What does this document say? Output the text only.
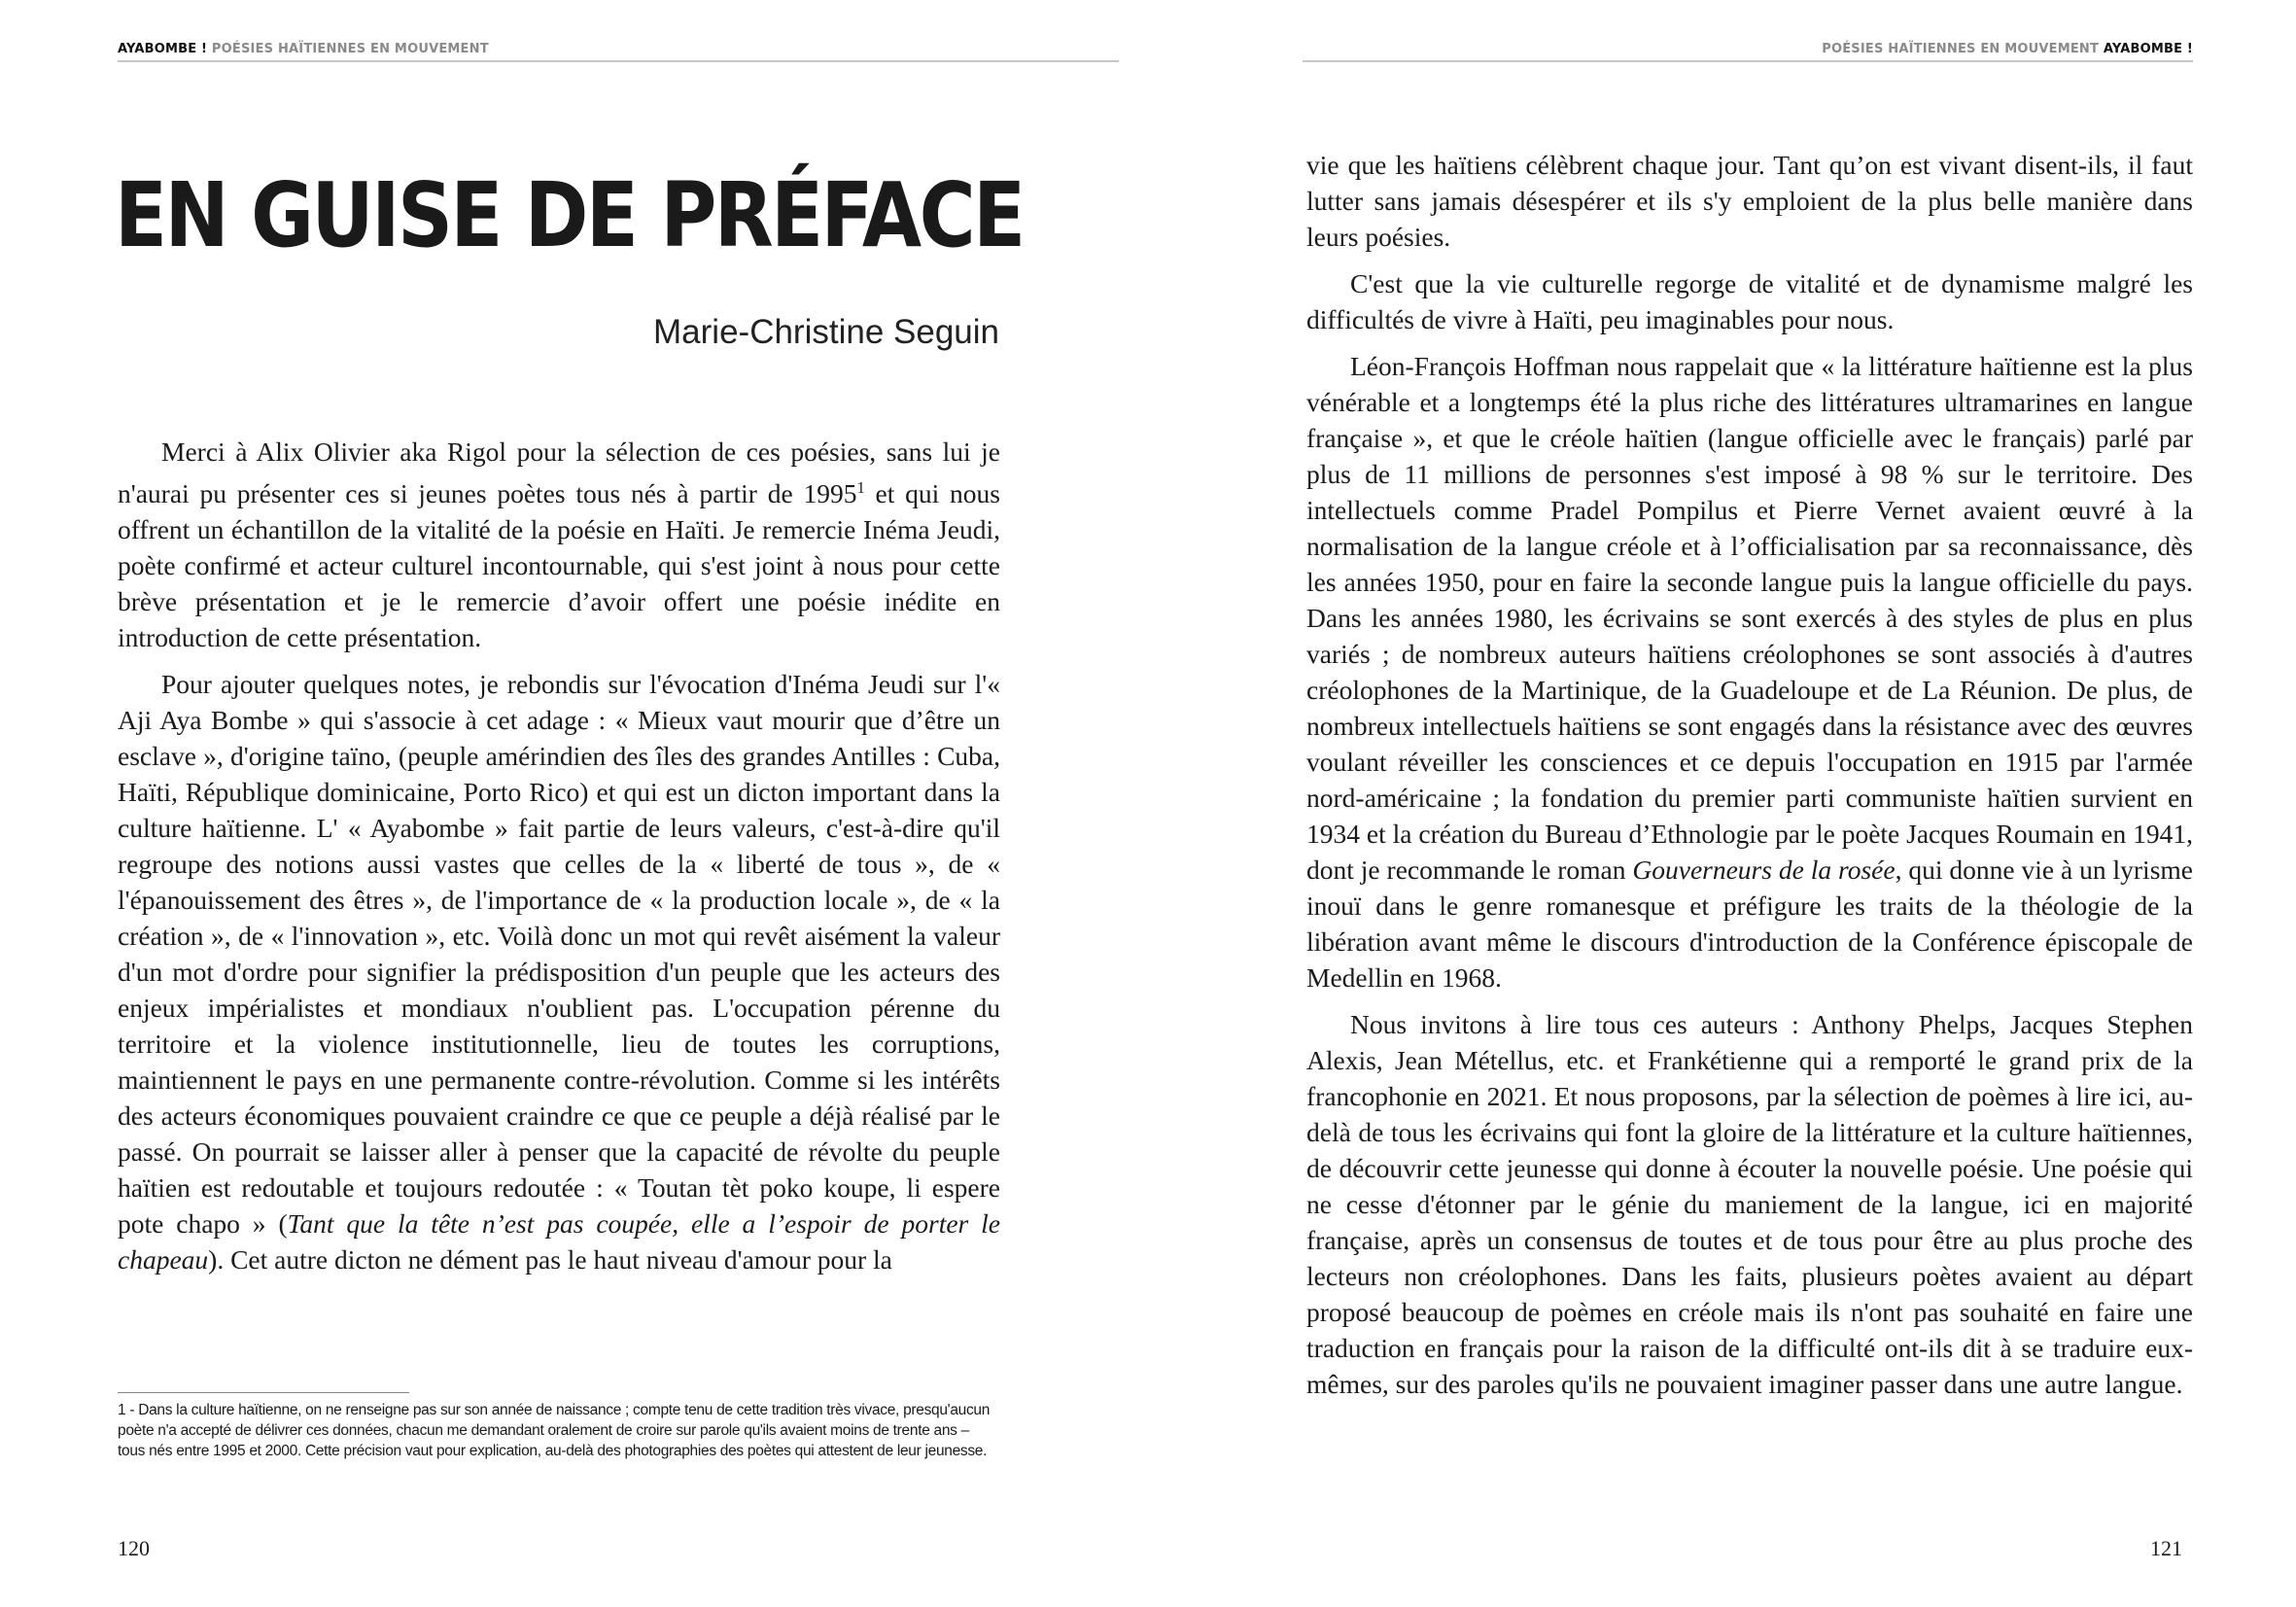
AYABOMBE ! POÉSIES HAÏTIENNES EN MOUVEMENT	POÉSIES HAÏTIENNES EN MOUVEMENT AYABOMBE !
EN GUISE DE PRÉFACE
Marie-Christine Seguin

Merci à Alix Olivier aka Rigol pour la sélection de ces poésies, sans lui je n'aurai pu présenter ces si jeunes poètes tous nés à partir de 1995$^1$ et qui nous offrent un échantillon de la vitalité de la poésie en Haïti. Je remercie Inéma Jeudi, poète confirmé et acteur culturel incontournable, qui s'est joint à nous pour cette brève présentation et je le remercie d’avoir offert une poésie inédite en introduction de cette présentation.

Pour ajouter quelques notes, je rebondis sur l'évocation d'Inéma Jeudi sur l'« Aji Aya Bombe » qui s'associe à cet adage : « Mieux vaut mourir que d’être un esclave », d'origine taïno, (peuple amérindien des îles des grandes Antilles : Cuba, Haïti, République dominicaine, Porto Rico) et qui est un dicton important dans la culture haïtienne. L' « Ayabombe » fait partie de leurs valeurs, c'est-à-dire qu'il regroupe des notions aussi vastes que celles de la « liberté de tous », de « l'épanouissement des êtres », de l'importance de « la production locale », de « la création », de « l'innovation », etc. Voilà donc un mot qui revêt aisément la valeur d'un mot d'ordre pour signifier la prédisposition d'un peuple que les acteurs des enjeux impérialistes et mondiaux n'oublient pas. L'occupation pérenne du territoire et la violence institutionnelle, lieu de toutes les corruptions, maintiennent le pays en une permanente contre-révolution. Comme si les intérêts des acteurs économiques pouvaient craindre ce que ce peuple a déjà réalisé par le passé. On pourrait se laisser aller à penser que la capacité de révolte du peuple haïtien est redoutable et toujours redoutée : « Toutan tèt poko koupe, li espere pote chapo » (Tant que la tête n’est pas coupée, elle a l’espoir de porter le chapeau). Cet autre dicton ne dément pas le haut niveau d'amour pour la

1 - Dans la culture haïtienne, on ne renseigne pas sur son année de naissance ; compte tenu de cette tradition très vivace, presqu'aucun poète n'a accepté de délivrer ces données, chacun me demandant oralement de croire sur parole qu'ils avaient moins de trente ans – tous nés entre 1995 et 2000. Cette précision vaut pour explication, au-delà des photographies des poètes qui attestent de leur jeunesse.
120

vie que les haïtiens célèbrent chaque jour. Tant qu’on est vivant disent-ils, il faut lutter sans jamais désespérer et ils s'y emploient de la plus belle manière dans leurs poésies.

C'est que la vie culturelle regorge de vitalité et de dynamisme malgré les difficultés de vivre à Haïti, peu imaginables pour nous.

Léon-François Hoffman nous rappelait que « la littérature haïtienne est la plus vénérable et a longtemps été la plus riche des littératures ultramarines en langue française », et que le créole haïtien (langue officielle avec le français) parlé par plus de 11 millions de personnes s'est imposé à 98 % sur le territoire. Des intellectuels comme Pradel Pompilus et Pierre Vernet avaient œuvré à la normalisation de la langue créole et à l’officialisation par sa reconnaissance, dès les années 1950, pour en faire la seconde langue puis la langue officielle du pays. Dans les années 1980, les écrivains se sont exercés à des styles de plus en plus variés ; de nombreux auteurs haïtiens créolophones se sont associés à d'autres créolophones de la Martinique, de la Guadeloupe et de La Réunion. De plus, de nombreux intellectuels haïtiens se sont engagés dans la résistance avec des œuvres voulant réveiller les consciences et ce depuis l'occupation en 1915 par l'armée nord-américaine ; la fondation du premier parti communiste haïtien survient en 1934 et la création du Bureau d’Ethnologie par le poète Jacques Roumain en 1941, dont je recommande le roman Gouverneurs de la rosée, qui donne vie à un lyrisme inouï dans le genre romanesque et préfigure les traits de la théologie de la libération avant même le discours d'introduction de la Conférence épiscopale de Medellin en 1968.

Nous invitons à lire tous ces auteurs : Anthony Phelps, Jacques Stephen Alexis, Jean Métellus, etc. et Frankétienne qui a remporté le grand prix de la francophonie en 2021. Et nous proposons, par la sélection de poèmes à lire ici, au-delà de tous les écrivains qui font la gloire de la littérature et la culture haïtiennes, de découvrir cette jeunesse qui donne à écouter la nouvelle poésie. Une poésie qui ne cesse d'étonner par le génie du maniement de la langue, ici en majorité française, après un consensus de toutes et de tous pour être au plus proche des lecteurs non créolophones. Dans les faits, plusieurs poètes avaient au départ proposé beaucoup de poèmes en créole mais ils n'ont pas souhaité en faire une traduction en français pour la raison de la difficulté ont-ils dit à se traduire eux-mêmes, sur des paroles qu'ils ne pouvaient imaginer passer dans une autre langue.

121
